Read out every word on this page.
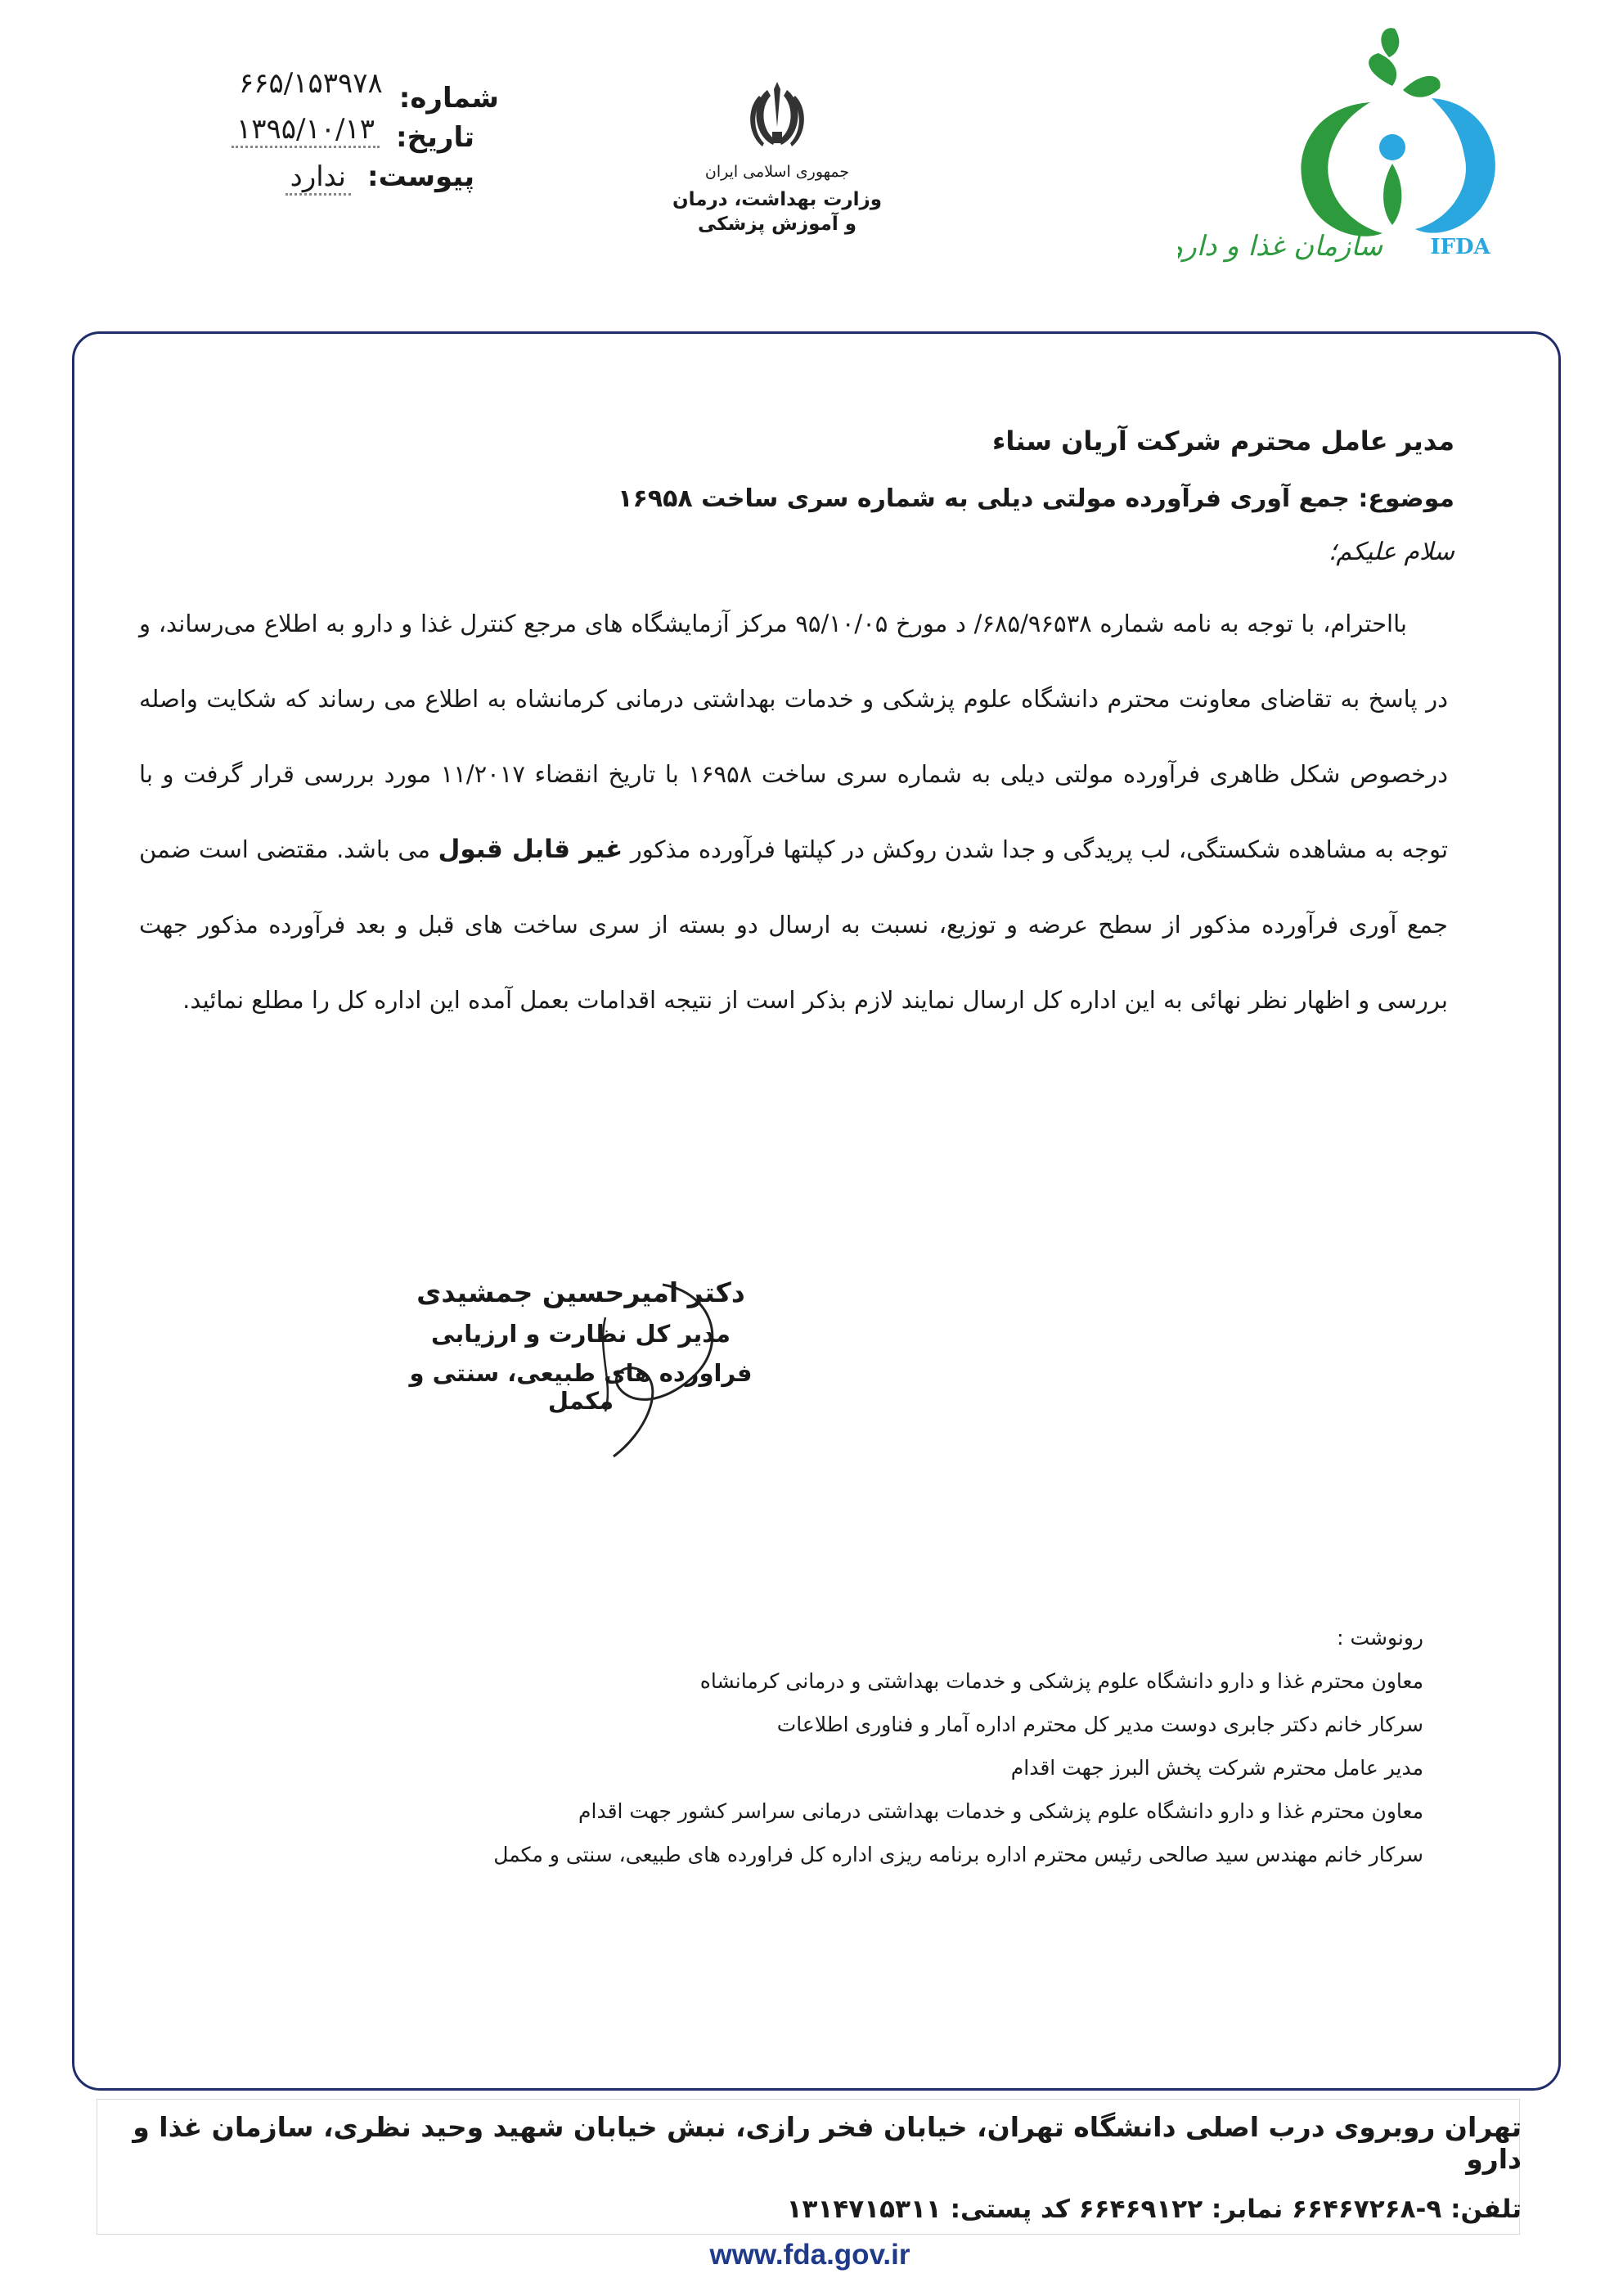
سازمان غذا و دارو IFDA
جمهوری اسلامی ایران
وزارت بهداشت، درمان
و آموزش پزشکی
شماره:
۶۶۵/۱۵۳۹۷۸
تاریخ:
۱۳۹۵/۱۰/۱۳
پیوست:
ندارد
مدیر عامل محترم شرکت آریان سناء
موضوع: جمع آوری فرآورده مولتی دیلی به شماره سری ساخت ۱۶۹۵۸
سلام علیکم؛
بااحترام، با توجه به نامه شماره ۶۸۵/۹۶۵۳۸/ د مورخ ۹۵/۱۰/۰۵ مرکز آزمایشگاه های مرجع کنترل غذا و دارو به اطلاع می‌رساند، و در پاسخ به تقاضای معاونت محترم دانشگاه علوم پزشکی و خدمات بهداشتی درمانی کرمانشاه به اطلاع می رساند که شکایت واصله درخصوص شکل ظاهری فرآورده مولتی دیلی به شماره سری ساخت ۱۶۹۵۸ با تاریخ انقضاء ۱۱/۲۰۱۷ مورد بررسی قرار گرفت و با توجه به مشاهده شکستگی، لب پریدگی و جدا شدن روکش در کپلتها فرآورده مذکور غیر قابل قبول می باشد. مقتضی است ضمن جمع آوری فرآورده مذکور از سطح عرضه و توزیع، نسبت به ارسال دو بسته از سری ساخت های قبل و بعد فرآورده مذکور جهت بررسی و اظهار نظر نهائی به این اداره کل ارسال نمایند لازم بذکر است از نتیجه اقدامات بعمل آمده این اداره کل را مطلع نمائید.
دکتر امیرحسین جمشیدی
مدیر کل نظارت و ارزیابی
فراورده های طبیعی، سنتی و مکمل
رونوشت :
معاون محترم غذا و دارو دانشگاه علوم پزشکی و خدمات بهداشتی و درمانی کرمانشاه
سرکار خانم دکتر جابری دوست مدیر کل محترم اداره آمار و فناوری اطلاعات
مدیر عامل محترم شرکت پخش البرز جهت اقدام
معاون محترم غذا و دارو دانشگاه علوم پزشکی و خدمات بهداشتی درمانی سراسر کشور جهت اقدام
سرکار خانم مهندس سید صالحی رئیس محترم اداره برنامه ریزی اداره کل فراورده های طبیعی، سنتی و مکمل
تهران روبروی درب اصلی دانشگاه تهران، خیابان فخر رازی، نبش خیابان شهید وحید نظری، سازمان غذا و دارو
تلفن: ۹-۶۶۴۶۷۲۶۸ نمابر: ۶۶۴۶۹۱۲۲ کد پستی: ۱۳۱۴۷۱۵۳۱۱
www.fda.gov.ir
